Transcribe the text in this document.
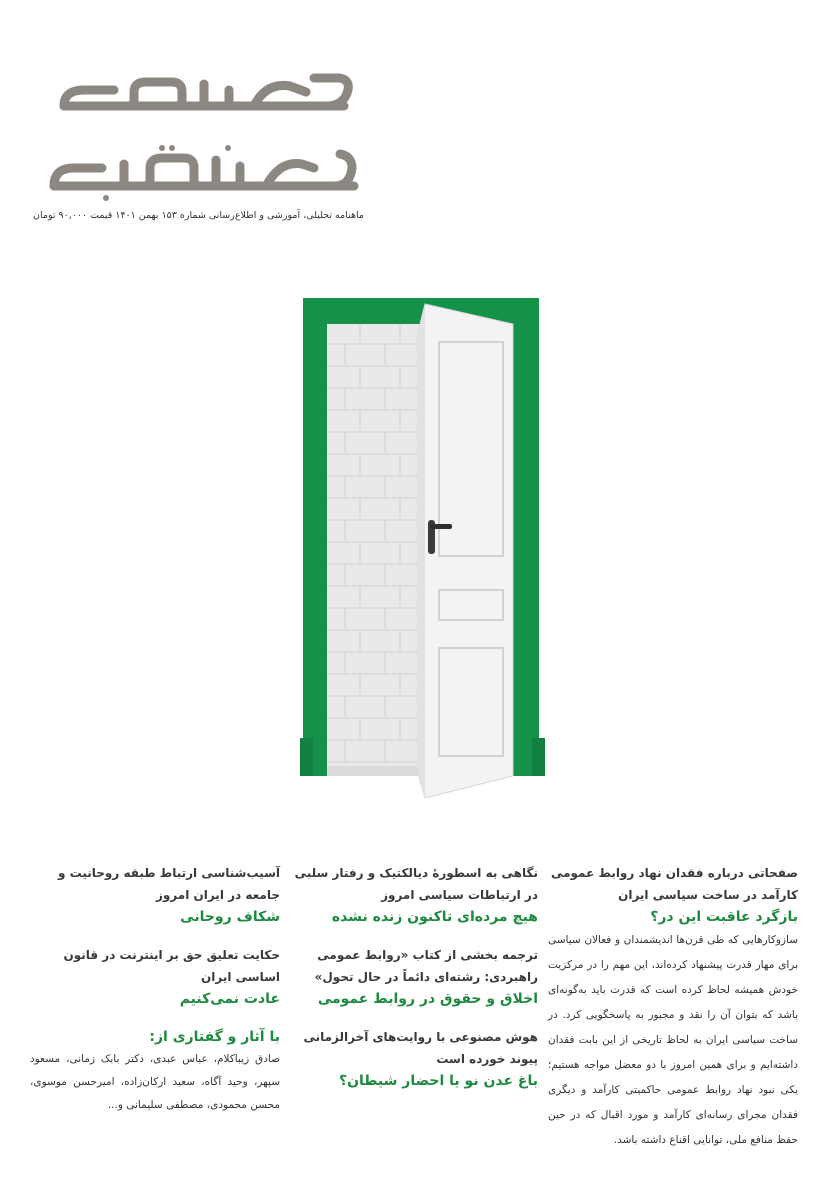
ماهنامه تحلیلی، آموزشی و اطلاع‌رسانی شماره ۱۵۳ بهمن ۱۴۰۱ قیمت ۹۰,۰۰۰ تومان
صفحاتی درباره فقدان نهاد روابط عمومی کارآمد در ساخت سیاسی ایران
بازگرد عاقبت این در؟
سازوکارهایی که طی قرن‌ها اندیشمندان و فعالان سیاسی برای مهار قدرت پیشنهاد کرده‌اند، این مهم را در مرکزیت خودش همیشه لحاظ کرده است که قدرت باید به‌گونه‌ای باشد که بتوان آن را نقد و مجبور به پاسخگویی کرد. در ساخت سیاسی ایران به لحاظ تاریخی از این بابت فقدان داشته‌ایم و برای همین امروز با دو معضل مواجه هستیم؛ یکی نبود نهاد روابط عمومی حاکمیتی کارآمد و دیگری فقدان مجرای رسانه‌ای کارآمد و مورد اقبال که در حین حفظ منافع ملی، توانایی اقناع داشته باشد.
نگاهی به اسطورهٔ دیالکتیک و رفتار سلبی در ارتباطات سیاسی امروز
هیچ مرده‌ای تاکنون زنده نشده
ترجمه بخشی از کتاب «روابط عمومی راهبردی: رشته‌ای دائماً در حال تحول»
اخلاق و حقوق در روابط عمومی
هوش مصنوعی با روایت‌های آخرالزمانی پیوند خورده است
باغ عدن نو یا احضار شیطان؟
آسیب‌شناسی ارتباط طبقه روحانیت و جامعه در ایران امروز
شکاف روحانی
حکایت تعلیق حق بر اینترنت در قانون اساسی ایران
عادت نمی‌کنیم
با آثار و گفتاری از:
صادق زیباکلام، عباس عبدی، دکتر بابک زمانی، مسعود سپهر، وحید آگاه، سعید ارکان‌زاده، امیرحسن موسوی، محسن محمودی، مصطفی سلیمانی و...
